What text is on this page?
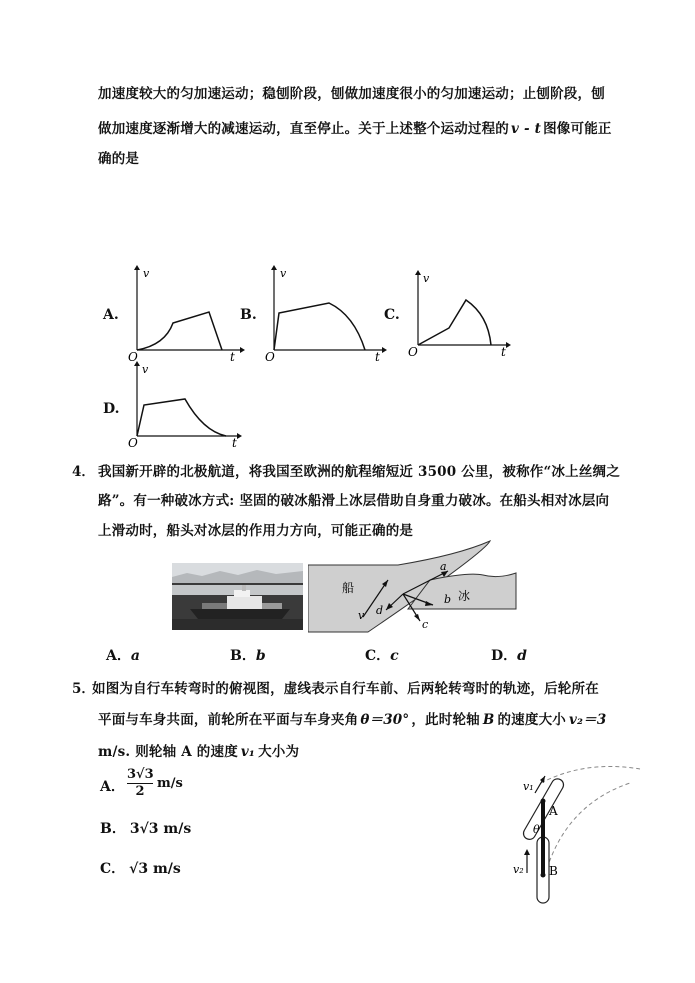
加速度较大的匀加速运动；稳刨阶段，刨做加速度很小的匀加速运动；止刨阶段，刨
做加速度逐渐增大的减速运动，直至停止。关于上述整个运动过程的 v - t 图像可能正
确的是
A.
v
O	t
B.
v
O	t
C.
v
O	t
D.
v
O	t
4． 我国新开辟的北极航道，将我国至欧洲的航程缩短近 3500 公里，被称作“冰上丝绸之
路”。有一种破冰方式: 坚固的破冰船滑上冰层借助自身重力破冰。在船头相对冰层向
上滑动时，船头对冰层的作用力方向，可能正确的是
船
冰
a
b
c
d
v
A．a	B．b	C．c	D．d
5．
如图为自行车转弯时的俯视图，虚线表示自行车前、后两轮转弯时的轨迹，后轮所在
平面与车身共面，前轮所在平面与车身夹角 θ＝30° ，此时轮轴 B 的速度大小 v₂＝3
m/s. 则轮轴 A 的速度 v₁ 大小为
A． $\frac{3√3}{2} m/s$
B． 3√3 m/s
C． √3 m/s
v₁
A
θ
v₂ B
